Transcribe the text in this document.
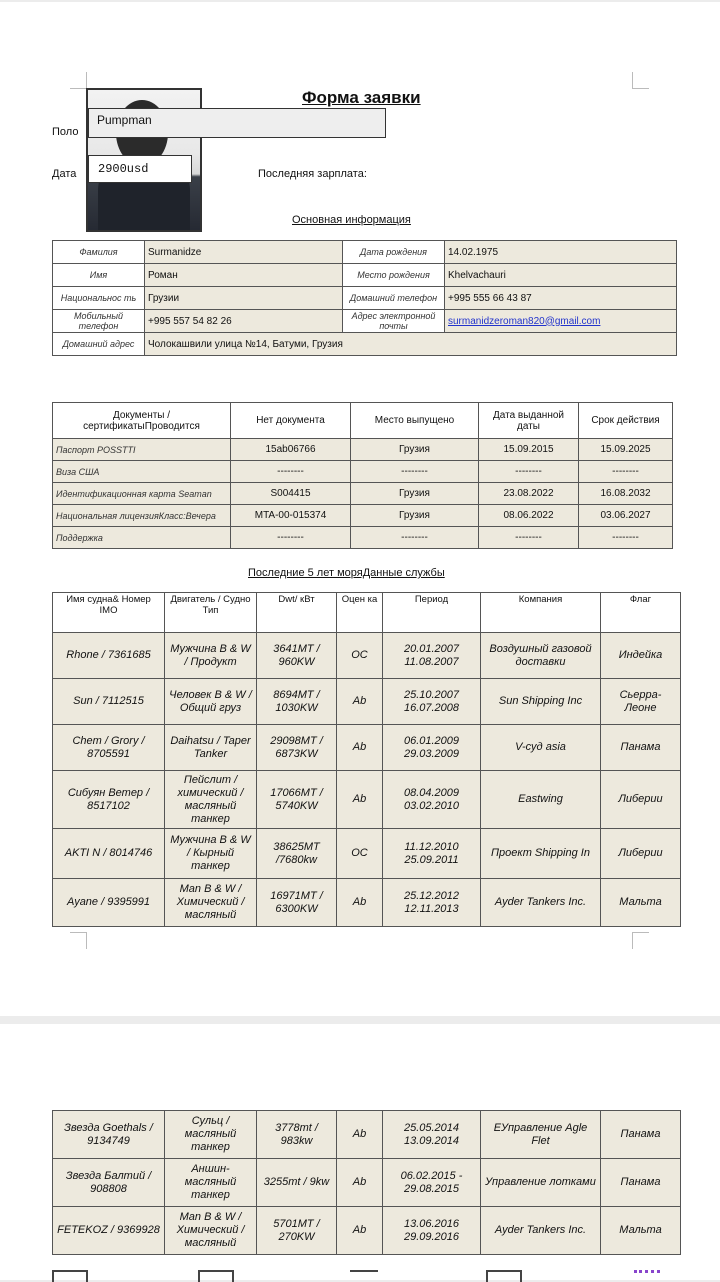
Форма заявки
Поло
Pumpman
Дата	2900usd	Последняя зарплата:
Основная информация
Фамилия	Surmanidze	Дата рождения	14.02.1975
Имя	Роман	Место рождения	Khelvachauri
Национальнос ть	Грузии	Домашний телефон	+995 555 66 43 87
Мобильный телефон	+995 557 54 82 26	Адрес электронной почты	surmanidzeroman820@gmail.com
Домашний адрес	Чолокашвили улица №14, Батуми, Грузия		
Документы / сертификатыПроводится	Нет документа	Место выпущено	Дата выданной даты	Срок действия
Паспорт POSSTTI	15ab06766	Грузия	15.09.2015	15.09.2025
Виза США	--------	--------	--------	--------
Идентификационная карта Seaman	S004415	Грузия	23.08.2022	16.08.2032
Национальная лицензияКласс:Вечера	MTA-00-015374	Грузия	08.06.2022	03.06.2027
Поддержка	--------	--------	--------	--------
Последние 5 лет моряДанные службы
Имя судна& Номер IMO	Двигатель / Судно Тип	Dwt/ кВт	Оцен ка	Период	Компания	Флаг
Rhone / 7361685	Мужчина B & W / Продукт	3641MT / 960KW	OC	20.01.2007 11.08.2007	Воздушный газовой доставки	Индейка
Sun / 7112515	Человек B & W / Общий груз	8694MT / 1030KW	Ab	25.10.2007 16.07.2008	Sun Shipping Inc	Сьерра-Леоне
Chem / Grory / 8705591	Daihatsu / Taper Tanker	29098MT / 6873KW	Ab	06.01.2009 29.03.2009	V-суд asia	Панама
Сибуян Ветер / 8517102	Пейслит / химический / масляный танкер	17066MT / 5740KW	Ab	08.04.2009 03.02.2010	Eastwing	Либерии
AKTI N / 8014746	Мужчина B & W / Кырный танкер	38625MT /7680kw	OC	11.12.2010 25.09.2011	Проект Shipping In	Либерии
Ayane / 9395991	Man B & W / Химический / масляный	16971MT / 6300KW	Ab	25.12.2012 12.11.2013	Ayder Tankers Inc.	Мальта
Звезда Goethals / 9134749	Сульц / масляный танкер	3778mt / 983kw	Ab	25.05.2014 13.09.2014	EУправление Agle Flet	Панама
Звезда Балтий / 908808	Аншин-масляный танкер	3255mt / 9kw	Ab	06.02.2015 - 29.08.2015	Управление лотками	Панама
FETEKOZ / 9369928	Man B & W / Химический / масляный	5701MT / 270KW	Ab	13.06.2016 29.09.2016	Ayder Tankers Inc.	Мальта
